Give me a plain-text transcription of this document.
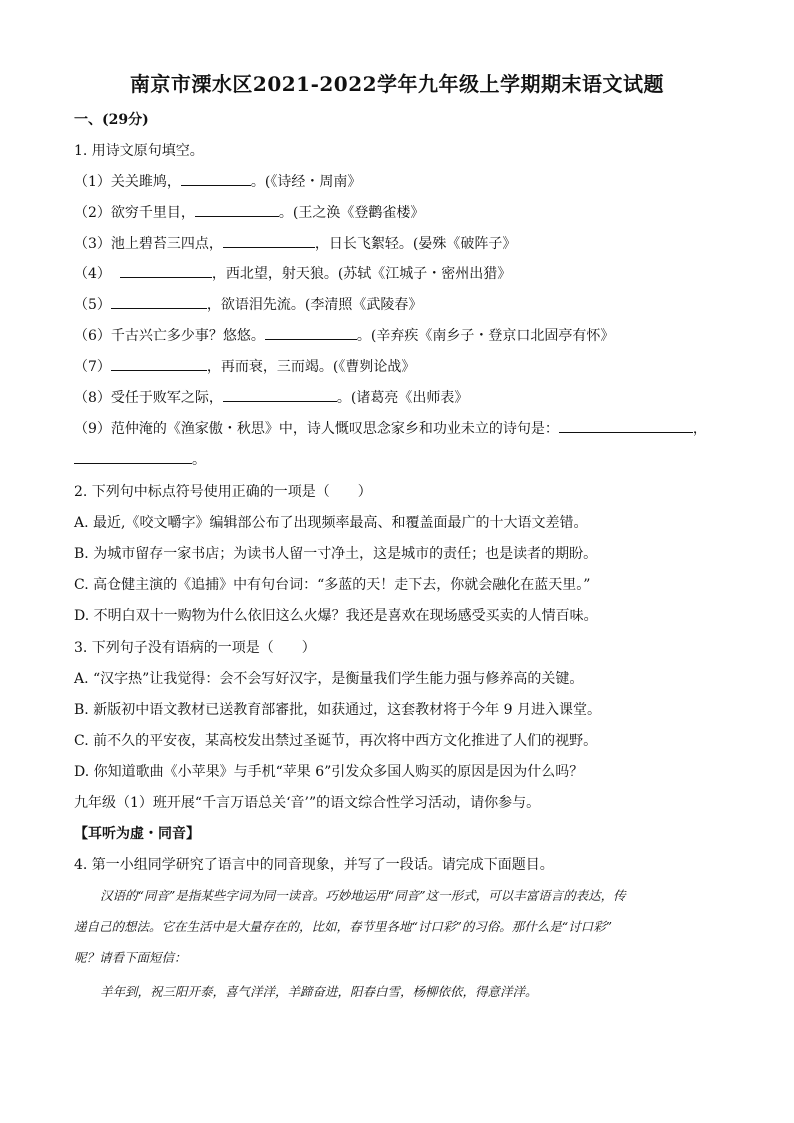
南京市溧水区2021-2022学年九年级上学期期末语文试题
一、(29分)
1. 用诗文原句填空。
（1）关关雎鸠，	。(《诗经・周南》
（2）欲穷千里目，	。(王之涣《登鹳雀楼》
（3）池上碧苔三四点，	，日长飞絮轻。(晏殊《破阵子》
（4）	，西北望，射天狼。(苏轼《江城子・密州出猎》
（5）	，欲语泪先流。(李清照《武陵春》
（6）千古兴亡多少事？悠悠。	。(辛弃疾《南乡子・登京口北固亭有怀》
（7）	，再而衰，三而竭。(《曹刿论战》
（8）受任于败军之际，	。(诸葛亮《出师表》
（9）范仲淹的《渔家傲・秋思》中，诗人慨叹思念家乡和功业未立的诗句是：	，
。
2. 下列句中标点符号使用正确的一项是（　　）
A. 最近,《咬文嚼字》编辑部公布了出现频率最高、和覆盖面最广的十大语文差错。
B. 为城市留存一家书店；为读书人留一寸净土，这是城市的责任；也是读者的期盼。
C. 高仓健主演的《追捕》中有句台词：“多蓝的天！走下去，你就会融化在蓝天里。”
D. 不明白双十一购物为什么依旧这么火爆？我还是喜欢在现场感受买卖的人情百味。
3. 下列句子没有语病的一项是（　　）
A. “汉字热”让我觉得：会不会写好汉字，是衡量我们学生能力强与修养高的关键。
B. 新版初中语文教材已送教育部審批，如获通过，这套教材将于今年 9 月进入课堂。
C. 前不久的平安夜，某高校发出禁过圣诞节，再次将中西方文化推进了人们的视野。
D. 你知道歌曲《小苹果》与手机“苹果 6”引发众多国人购买的原因是因为什么吗？
九年级（1）班开展“千言万语总关‘音’”的语文综合性学习活动，请你参与。
【耳听为虚・同音】
4. 第一小组同学研究了语言中的同音现象，并写了一段话。请完成下面题目。
汉语的“同音”是指某些字词为同一读音。巧妙地运用“同音”这一形式，可以丰富语言的表达，传
递自己的想法。它在生活中是大量存在的，比如，春节里各地“讨口彩”的习俗。那什么是“讨口彩”
呢？请看下面短信：
羊年到，祝三阳开泰，喜气洋洋，羊蹄奋进，阳春白雪，杨柳依依，得意洋洋。
